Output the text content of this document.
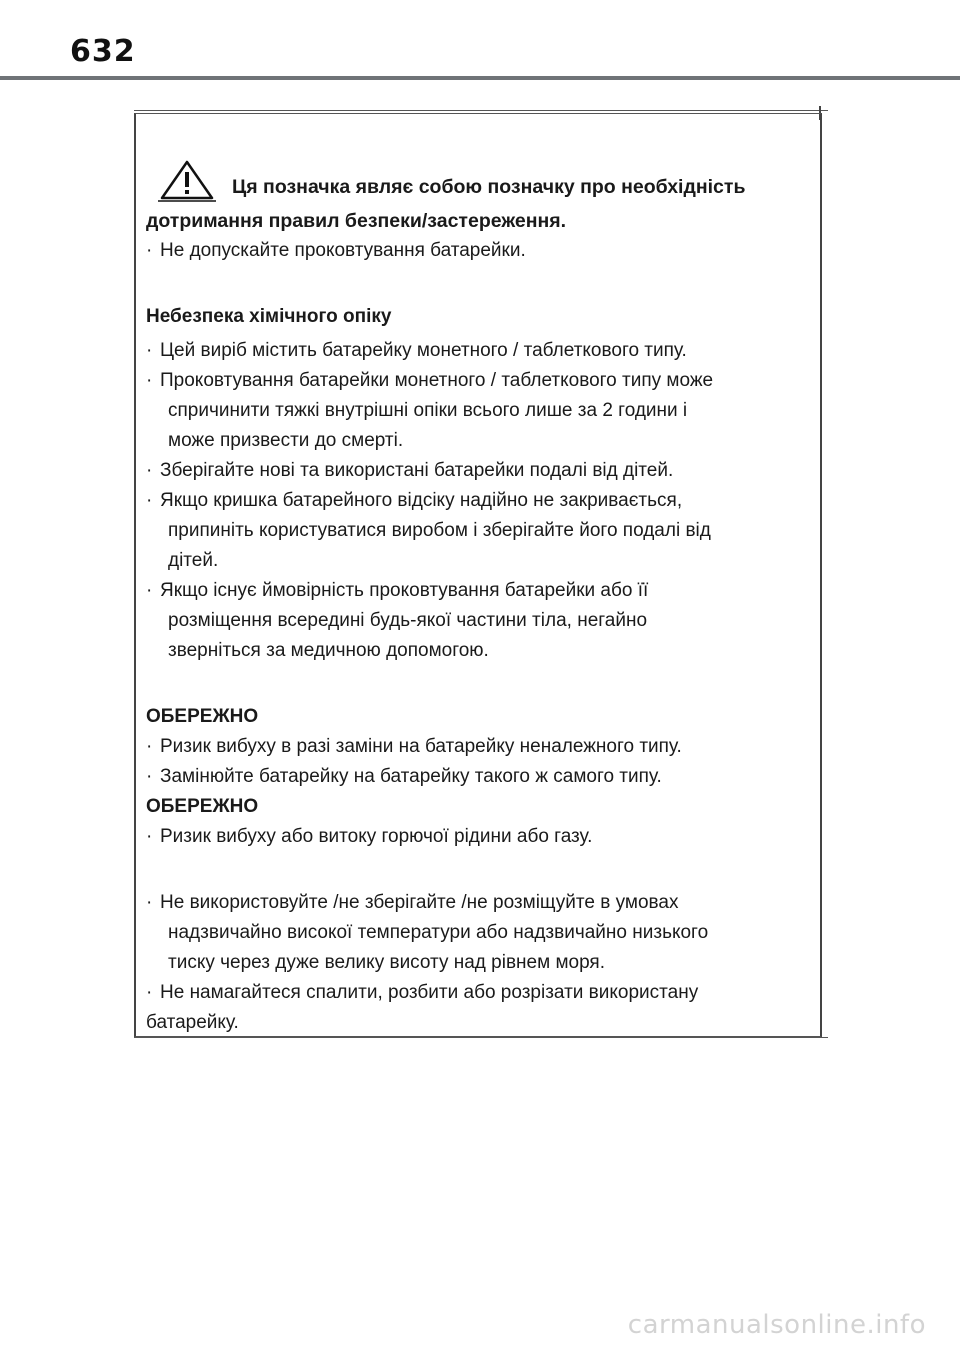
632
Ця позначка являє собою позначку про необхідність

дотримання правил безпеки/застереження.

· Не допускайте проковтування батарейки.

Небезпека хімічного опіку

· Цей виріб містить батарейку монетного / таблеткового типу.
· Проковтування батарейки монетного / таблеткового типу може

спричинити тяжкі внутрішні опіки всього лише за 2 години і

може призвести до смерті.

· Зберігайте нові та використані батарейки подалі від дітей.
· Якщо кришка батарейного відсіку надійно не закривається,

припиніть користуватися виробом і зберігайте його подалі від

дітей.

· Якщо існує ймовірність проковтування батарейки або її

розміщення всередині будь-якої частини тіла, негайно

зверніться за медичною допомогою.

ОБЕРЕЖНО

· Ризик вибуху в разі заміни на батарейку неналежного типу.
· Замінюйте батарейку на батарейку такого ж самого типу.

ОБЕРЕЖНО

· Ризик вибуху або витоку горючої рідини або газу.
· Не використовуйте /не зберігайте /не розміщуйте в умовах

надзвичайно високої температури або надзвичайно низького

тиску через дуже велику висоту над рівнем моря.

· Не намагайтеся спалити, розбити або розрізати використану

батарейку.

carmanualsonline.info
